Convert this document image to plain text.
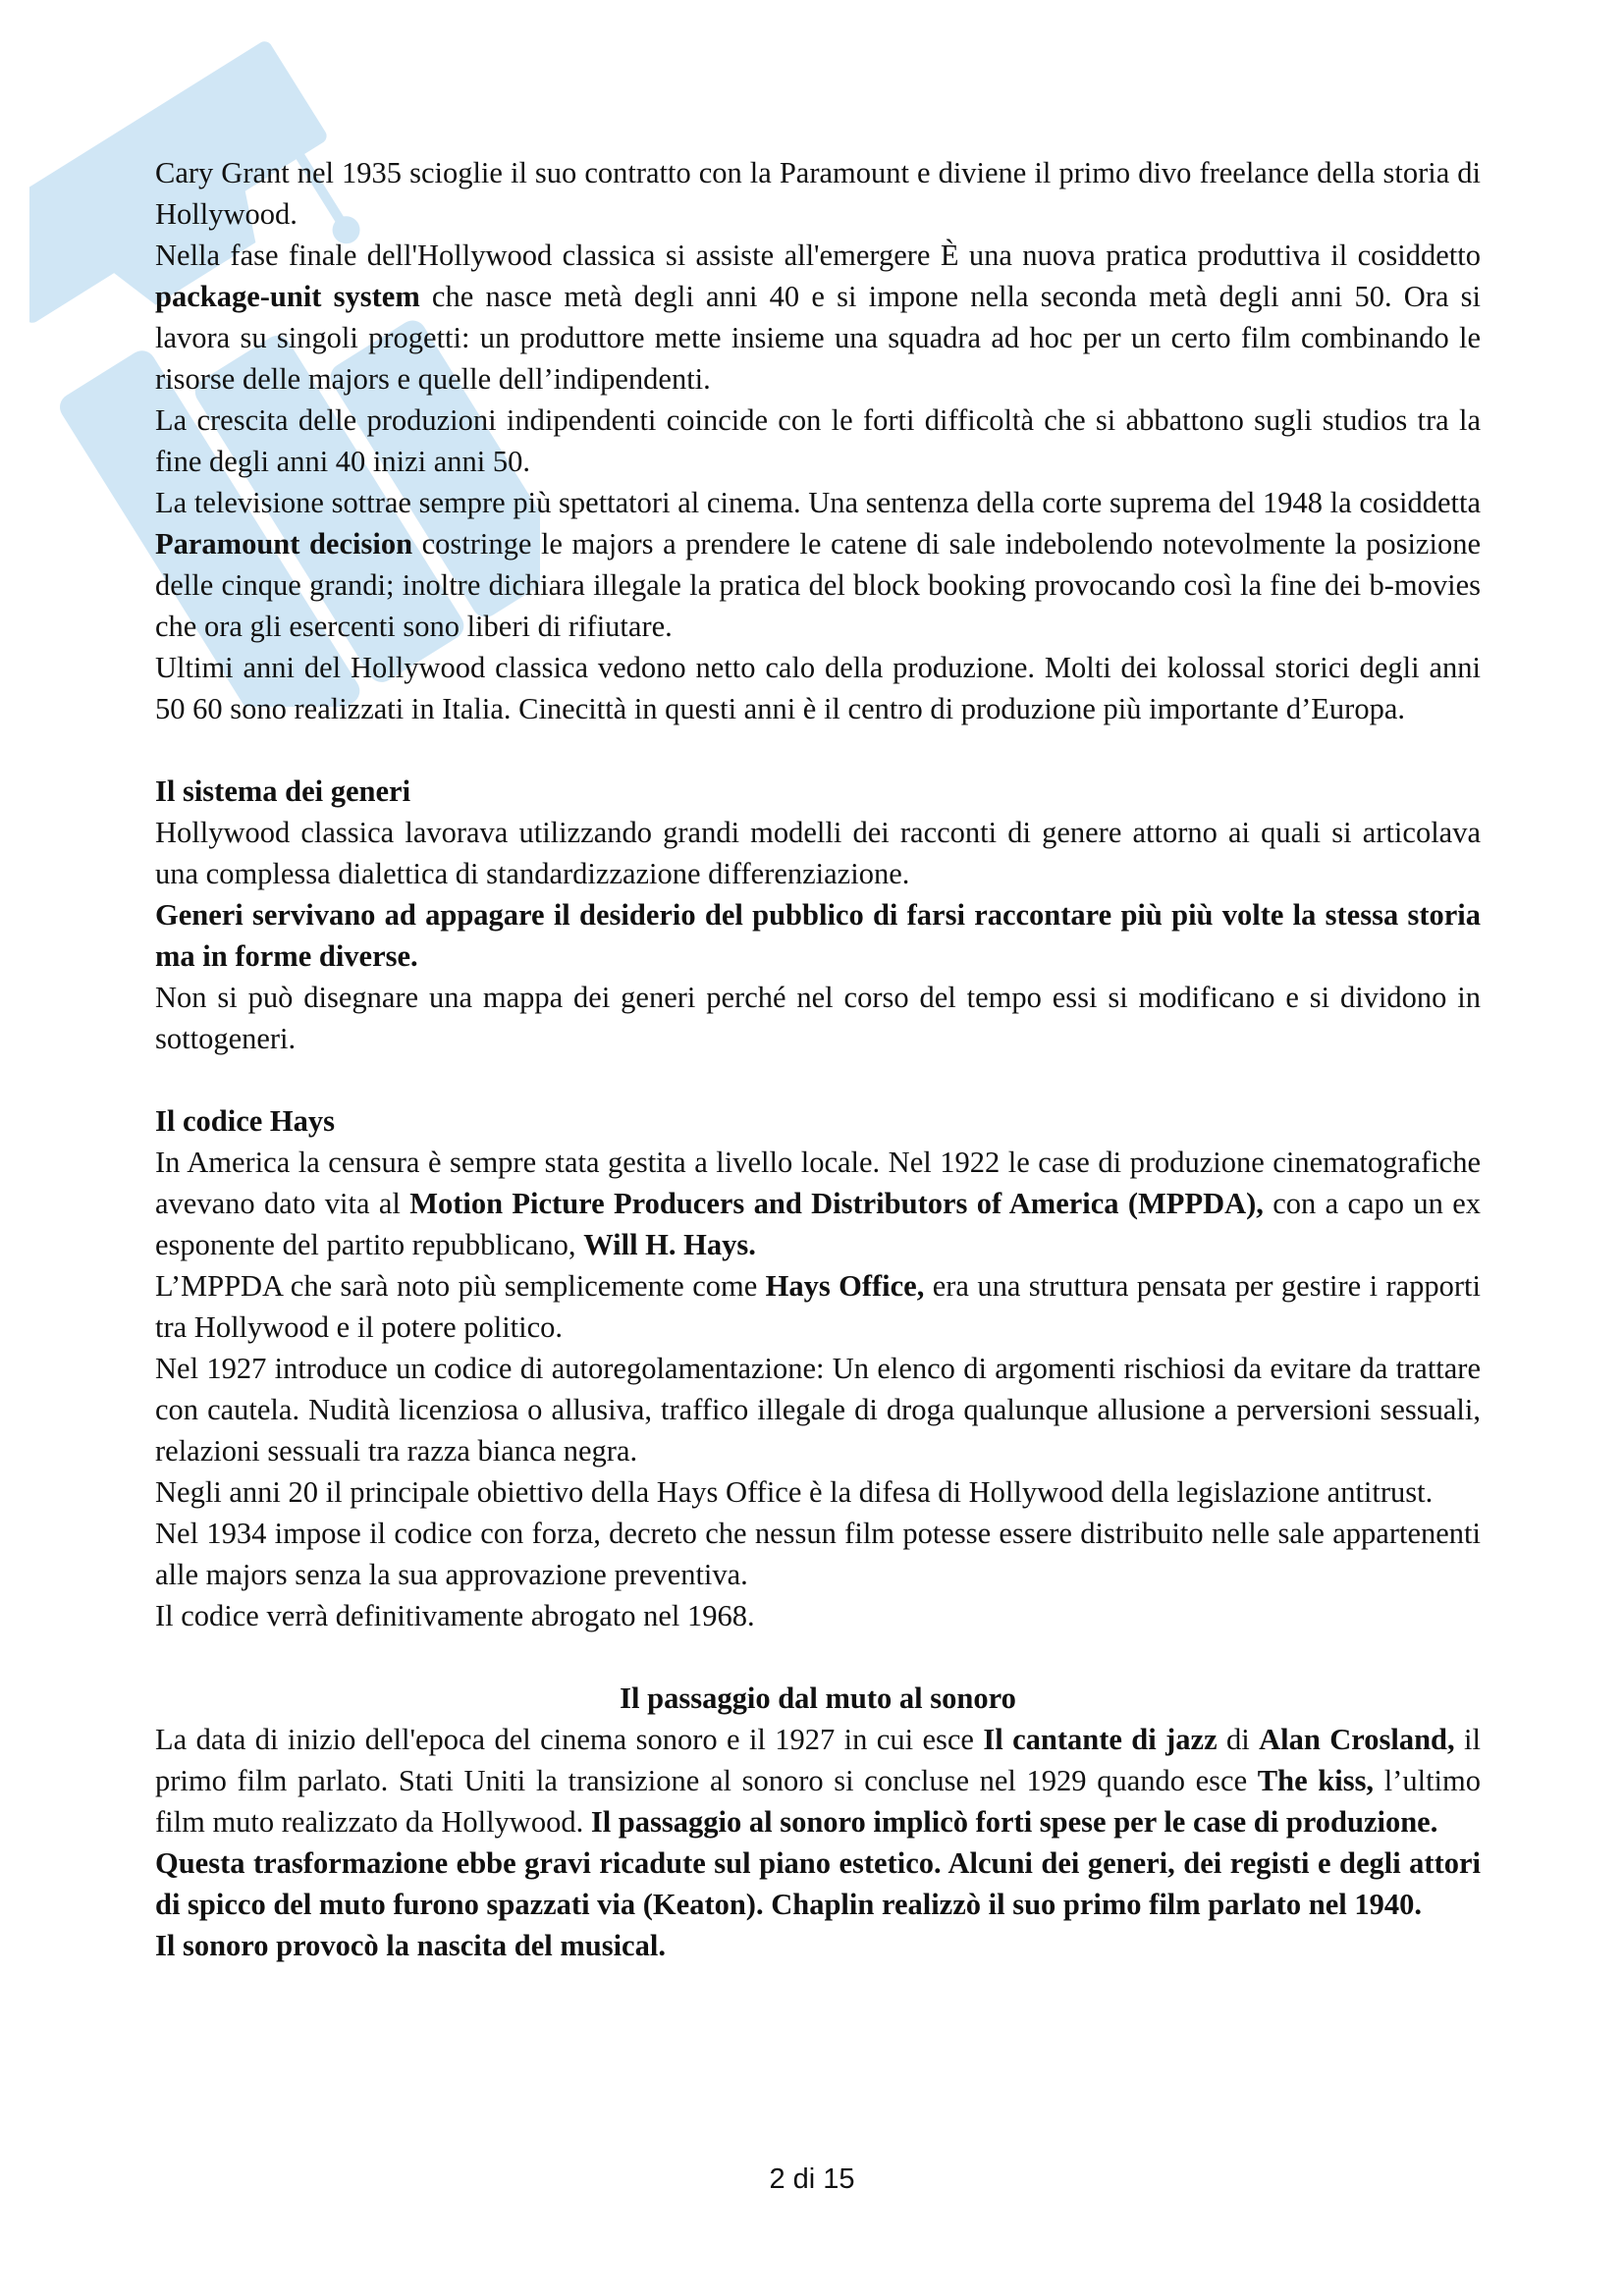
Cary Grant nel 1935 scioglie il suo contratto con la Paramount e diviene il primo divo freelance della storia di Hollywood.

Nella fase finale dell'Hollywood classica si assiste all'emergere È una nuova pratica produttiva il cosiddetto package-unit system che nasce metà degli anni 40 e si impone nella seconda metà degli anni 50. Ora si lavora su singoli progetti: un produttore mette insieme una squadra ad hoc per un certo film combinando le risorse delle majors e quelle dell’indipendenti.

La crescita delle produzioni indipendenti coincide con le forti difficoltà che si abbattono sugli studios tra la fine degli anni 40 inizi anni 50.

La televisione sottrae sempre più spettatori al cinema. Una sentenza della corte suprema del 1948 la cosiddetta Paramount decision costringe le majors a prendere le catene di sale indebolendo notevolmente la posizione delle cinque grandi; inoltre dichiara illegale la pratica del block booking provocando così la fine dei b-movies che ora gli esercenti sono liberi di rifiutare.

Ultimi anni del Hollywood classica vedono netto calo della produzione. Molti dei kolossal storici degli anni 50 60 sono realizzati in Italia. Cinecittà in questi anni è il centro di produzione più importante d’Europa.

Il sistema dei generi

Hollywood classica lavorava utilizzando grandi modelli dei racconti di genere attorno ai quali si articolava una complessa dialettica di standardizzazione differenziazione.

Generi servivano ad appagare il desiderio del pubblico di farsi raccontare più più volte la stessa storia ma in forme diverse.

Non si può disegnare una mappa dei generi perché nel corso del tempo essi si modificano e si dividono in sottogeneri.

Il codice Hays

In America la censura è sempre stata gestita a livello locale. Nel 1922 le case di produzione cinematografiche avevano dato vita al Motion Picture Producers and Distributors of America (MPPDA), con a capo un ex esponente del partito repubblicano, Will H. Hays.

L’MPPDA che sarà noto più semplicemente come Hays Office, era una struttura pensata per gestire i rapporti tra Hollywood e il potere politico.

Nel 1927 introduce un codice di autoregolamentazione: Un elenco di argomenti rischiosi da evitare da trattare con cautela. Nudità licenziosa o allusiva, traffico illegale di droga qualunque allusione a perversioni sessuali, relazioni sessuali tra razza bianca negra.

Negli anni 20 il principale obiettivo della Hays Office è la difesa di Hollywood della legislazione antitrust.

Nel 1934 impose il codice con forza, decreto che nessun film potesse essere distribuito nelle sale appartenenti alle majors senza la sua approvazione preventiva.

Il codice verrà definitivamente abrogato nel 1968.

Il passaggio dal muto al sonoro

La data di inizio dell'epoca del cinema sonoro e il 1927 in cui esce Il cantante di jazz di Alan Crosland, il primo film parlato. Stati Uniti la transizione al sonoro si concluse nel 1929 quando esce The kiss, l’ultimo film muto realizzato da Hollywood. Il passaggio al sonoro implicò forti spese per le case di produzione.

Questa trasformazione ebbe gravi ricadute sul piano estetico. Alcuni dei generi, dei registi e degli attori di spicco del muto furono spazzati via (Keaton). Chaplin realizzò il suo primo film parlato nel 1940.

Il sonoro provocò la nascita del musical.

2 di 15
